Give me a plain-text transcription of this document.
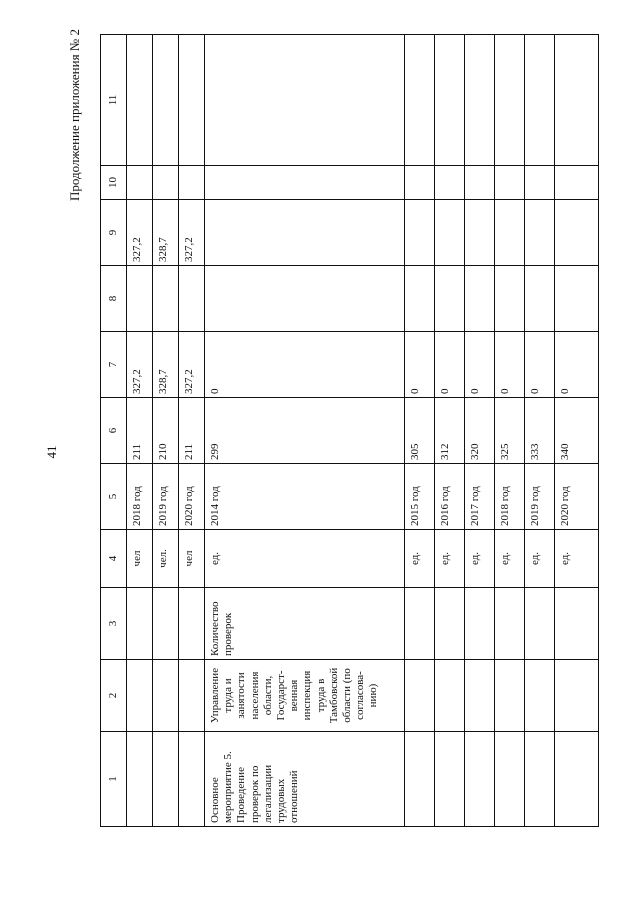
41
Продолжение приложения № 2
1	2	3	4	5	6	7	8	9	10	11
			чел	2018 год	211	327,2		327,2		
			чел.	2019 год	210	328,7		328,7		
			чел	2020 год	211	327,2		327,2		
Основное мероприятие 5. Проведение проверок по легализации трудовых отношений	Управление труда и занятости населения области, Государст-венная инспекция труда в Тамбовской области (по согласова-нию)	Количество проверок	ед.	2014 год	299	0				
			ед.	2015 год	305	0				
			ед.	2016 год	312	0				
			ед.	2017 год	320	0				
			ед.	2018 год	325	0				
			ед.	2019 год	333	0				
			ед.	2020 год	340	0				
